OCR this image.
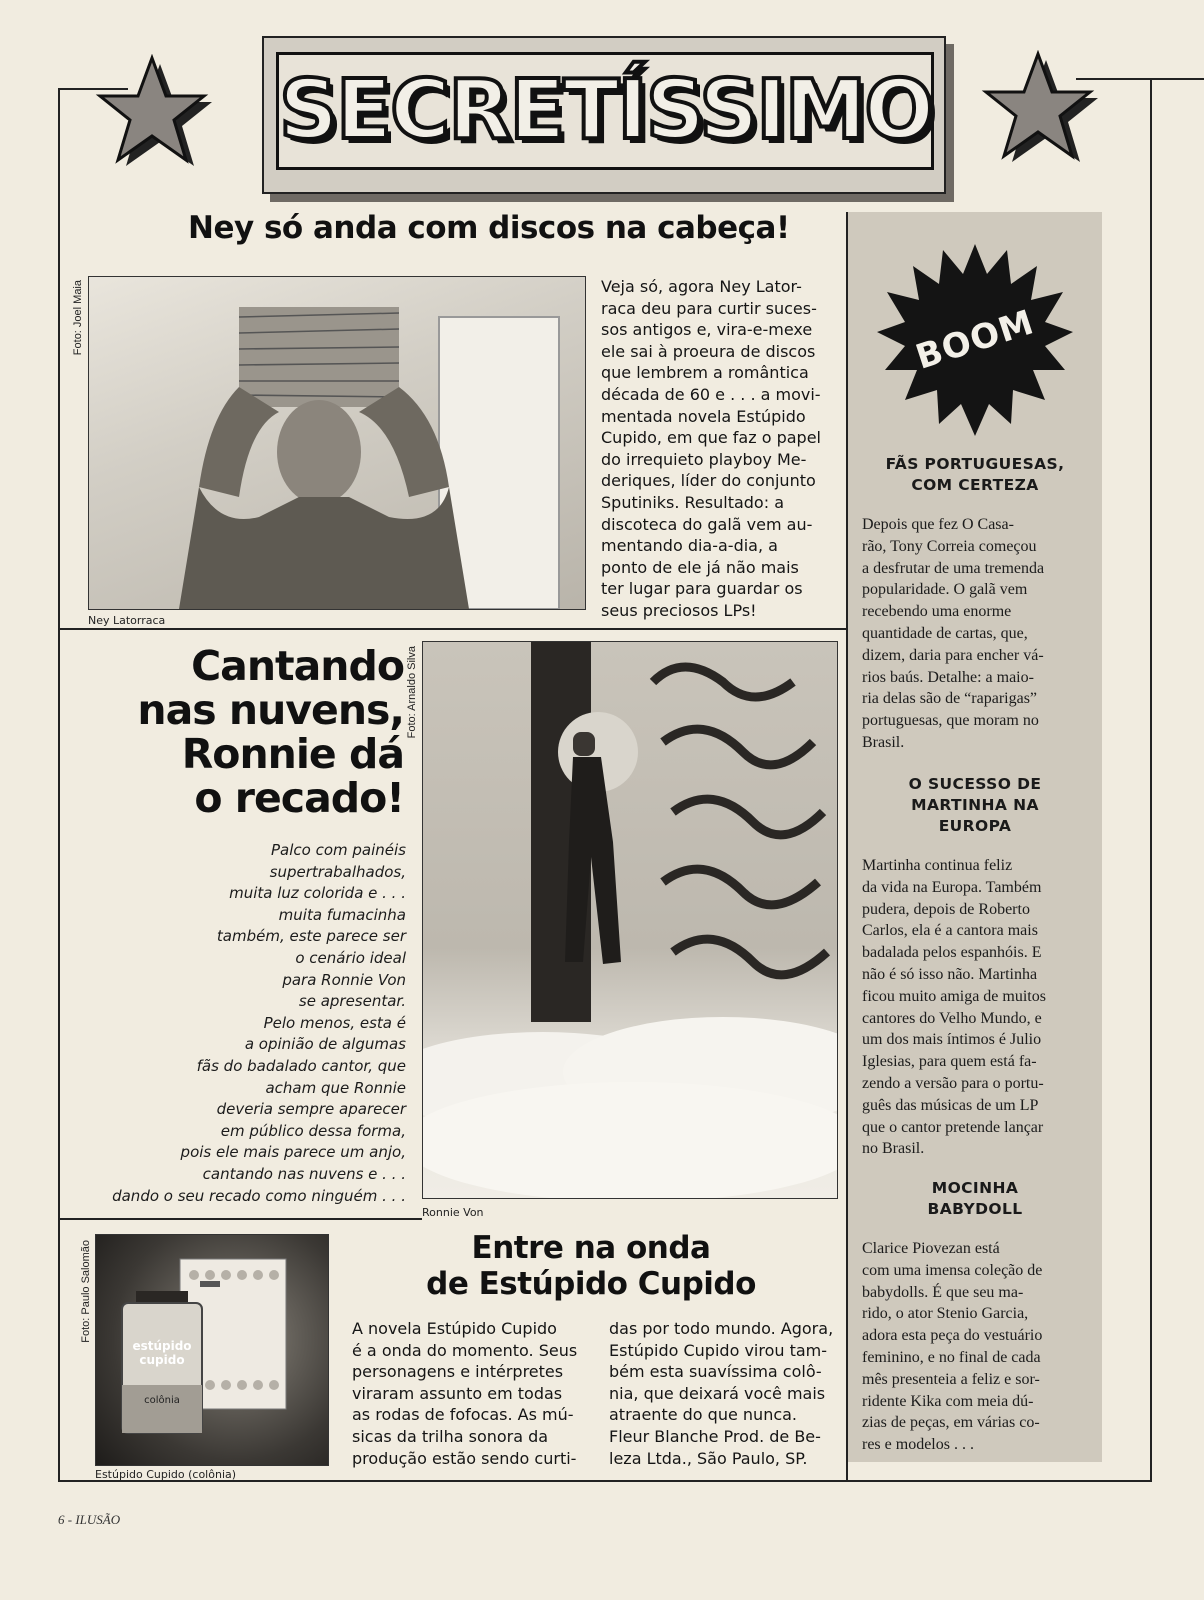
SECRETÍSSIMO
Ney só anda com discos na cabeça!
Foto: Joel Maia
Ney Latorraca
Veja só, agora Ney Lator-
raca deu para curtir suces-
sos antigos e, vira-e-mexe
ele sai à proeura de discos
que lembrem a romântica
década de 60 e . . . a movi-
mentada novela Estúpido
Cupido, em que faz o papel
do irrequieto playboy Me-
deriques, líder do conjunto
Sputiniks. Resultado: a
discoteca do galã vem au-
mentando dia-a-dia, a
ponto de ele já não mais
ter lugar para guardar os
seus preciosos LPs!
Cantando
nas nuvens,
Ronnie dá
o recado!
Foto: Arnaldo Silva
Ronnie Von
Palco com painéis
supertrabalhados,
muita luz colorida e . . .
muita fumacinha
também, este parece ser
o cenário ideal
para Ronnie Von
se apresentar.
Pelo menos, esta é
a opinião de algumas
fãs do badalado cantor, que
acham que Ronnie
deveria sempre aparecer
em público dessa forma,
pois ele mais parece um anjo,
cantando nas nuvens e . . .
dando o seu recado como ninguém . . .
Foto: Paulo Salomão
estúpido cupido
colônia
Estúpido Cupido (colônia)
Entre na onda
de Estúpido Cupido
A novela Estúpido Cupido
é a onda do momento. Seus
personagens e intérpretes
viraram assunto em todas
as rodas de fofocas. As mú-
sicas da trilha sonora da
produção estão sendo curti-
das por todo mundo. Agora,
Estúpido Cupido virou tam-
bém esta suavíssima colô-
nia, que deixará você mais
atraente do que nunca.
Fleur Blanche Prod. de Be-
leza Ltda., São Paulo, SP.
BOOM
FÃS PORTUGUESAS,
COM CERTEZA
Depois que fez O Casa-
rão, Tony Correia começou
a desfrutar de uma tremenda
popularidade. O galã vem
recebendo uma enorme
quantidade de cartas, que,
dizem, daria para encher vá-
rios baús. Detalhe: a maio-
ria delas são de “raparigas”
portuguesas, que moram no
Brasil.
O SUCESSO DE
MARTINHA NA
EUROPA
Martinha continua feliz
da vida na Europa. Também
pudera, depois de Roberto
Carlos, ela é a cantora mais
badalada pelos espanhóis. E
não é só isso não. Martinha
ficou muito amiga de muitos
cantores do Velho Mundo, e
um dos mais íntimos é Julio
Iglesias, para quem está fa-
zendo a versão para o portu-
guês das músicas de um LP
que o cantor pretende lançar
no Brasil.
MOCINHA
BABYDOLL
Clarice Piovezan está
com uma imensa coleção de
babydolls. É que seu ma-
rido, o ator Stenio Garcia,
adora esta peça do vestuário
feminino, e no final de cada
mês presenteia a feliz e sor-
ridente Kika com meia dú-
zias de peças, em várias co-
res e modelos . . .
6 - ILUSÃO
